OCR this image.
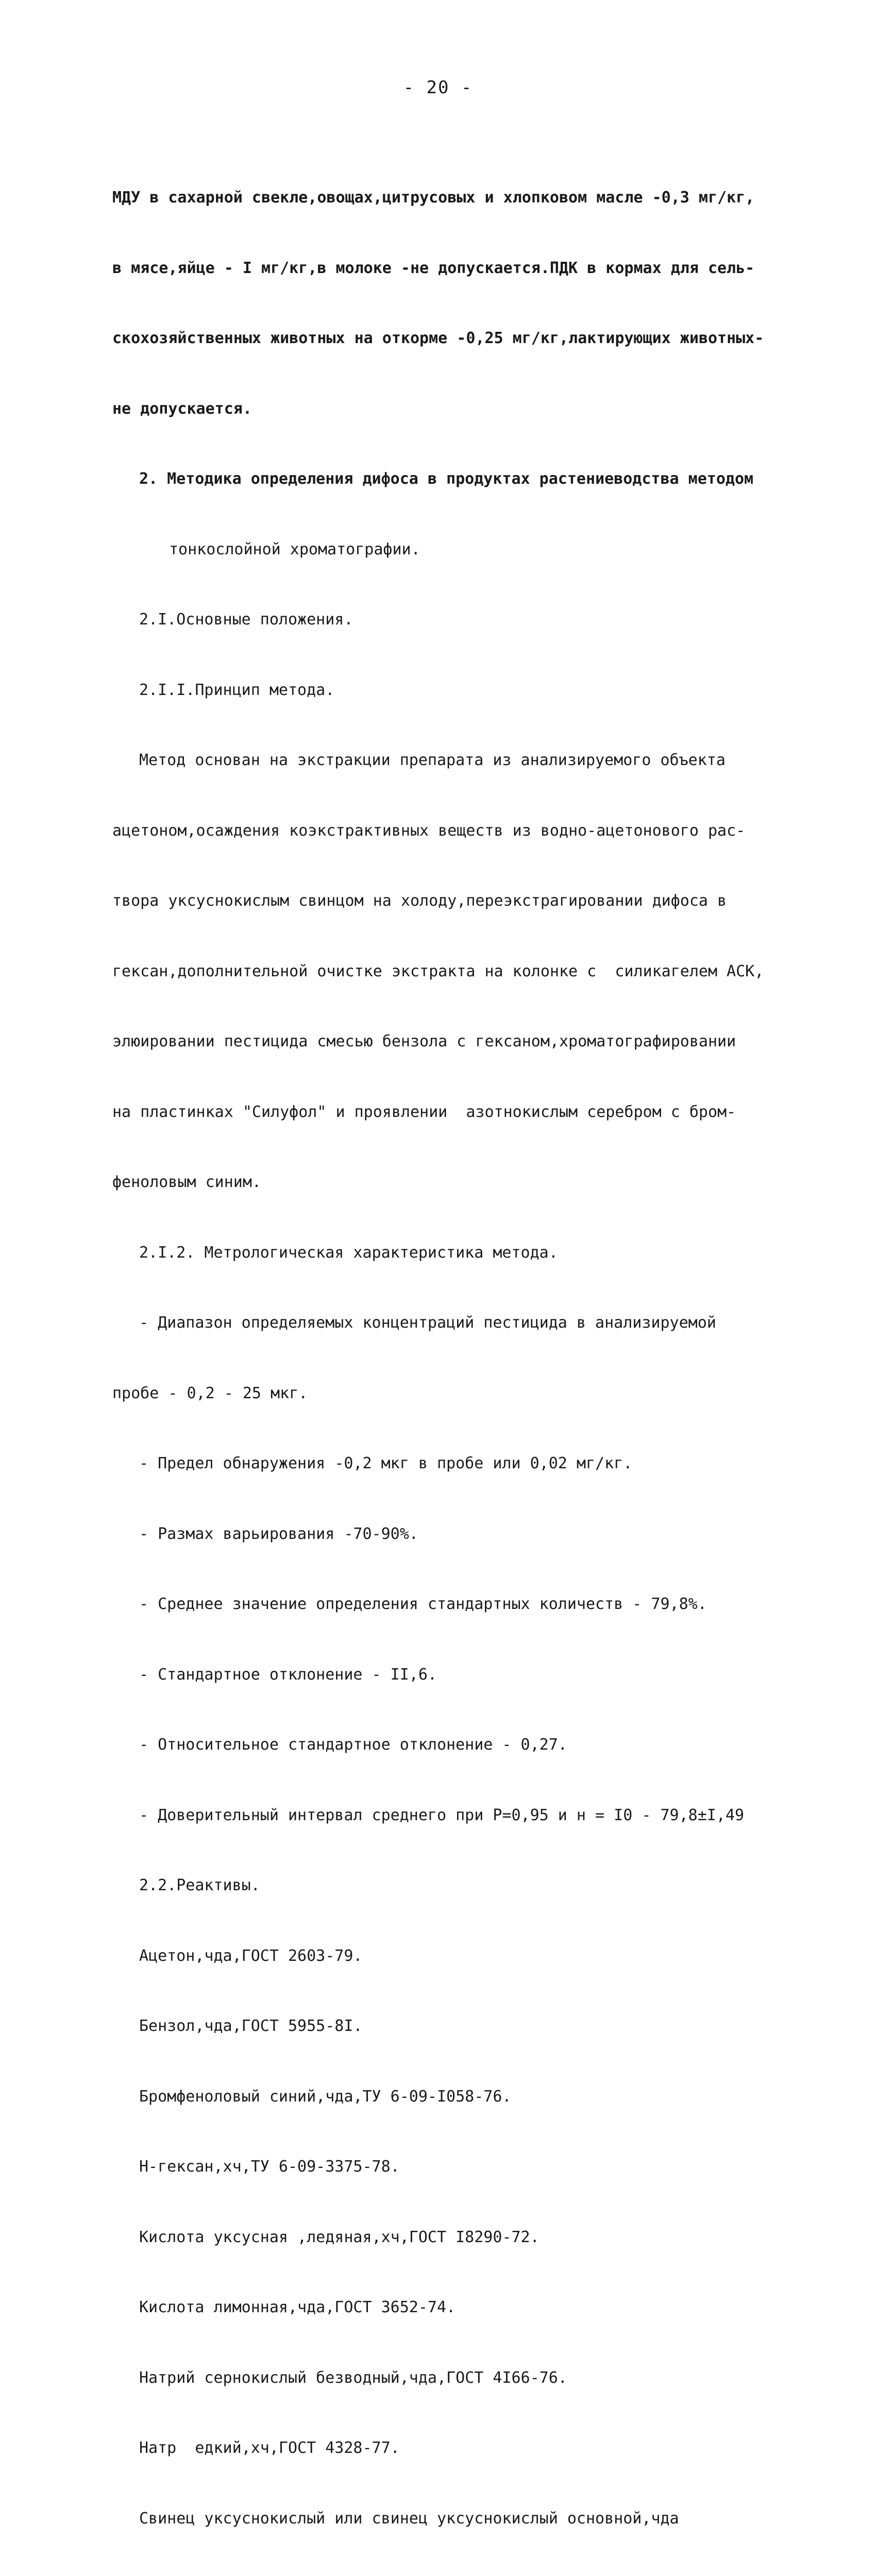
- 20 -

МДУ в сахарной свекле,овощах,цитрусовых и хлопковом масле -0,3 мг/кг,

в мясе,яйце - I мг/кг,в молоке -не допускается.ПДК в кормах для сель-

скохозяйственных животных на откорме -0,25 мг/кг,лактирующих животных-

не допускается.

2. Методика определения дифоса в продуктах растениеводства методом

тонкослойной хроматографии.

2.I.Основные положения.

2.I.I.Принцип метода.

Метод основан на экстракции препарата из анализируемого объекта

ацетоном,осаждения коэкстрактивных веществ из водно-ацетонового рас-

твора уксуснокислым свинцом на холоду,переэкстрагировании дифоса в

гексан,дополнительной очистке экстракта на колонке с  силикагелем АСК,

элюировании пестицида смесью бензола с гексаном,хроматографировании

на пластинках "Силуфол" и проявлении  азотнокислым серебром с бром-

феноловым синим.

2.I.2. Метрологическая характеристика метода.

- Диапазон определяемых концентраций пестицида в анализируемой

пробе - 0,2 - 25 мкг.

- Предел обнаружения -0,2 мкг в пробе или 0,02 мг/кг.

- Размах варьирования -70-90%.

- Среднее значение определения стандартных количеств - 79,8%.

- Стандартное отклонение - II,6.

- Относительное стандартное отклонение - 0,27.

- Доверительный интервал среднего при Р=0,95 и н = I0 - 79,8±I,49

2.2.Реактивы.

Ацетон,чда,ГОСТ 2603-79.

Бензол,чда,ГОСТ 5955-8I.

Бромфеноловый синий,чда,ТУ 6-09-I058-76.

Н-гексан,хч,ТУ 6-09-3375-78.

Кислота уксусная ,ледяная,хч,ГОСТ I8290-72.

Кислота лимонная,чда,ГОСТ 3652-74.

Натрий сернокислый безводный,чда,ГОСТ 4I66-76.

Натр  едкий,хч,ГОСТ 4328-77.

Свинец уксуснокислый или свинец уксуснокислый основной,чда
